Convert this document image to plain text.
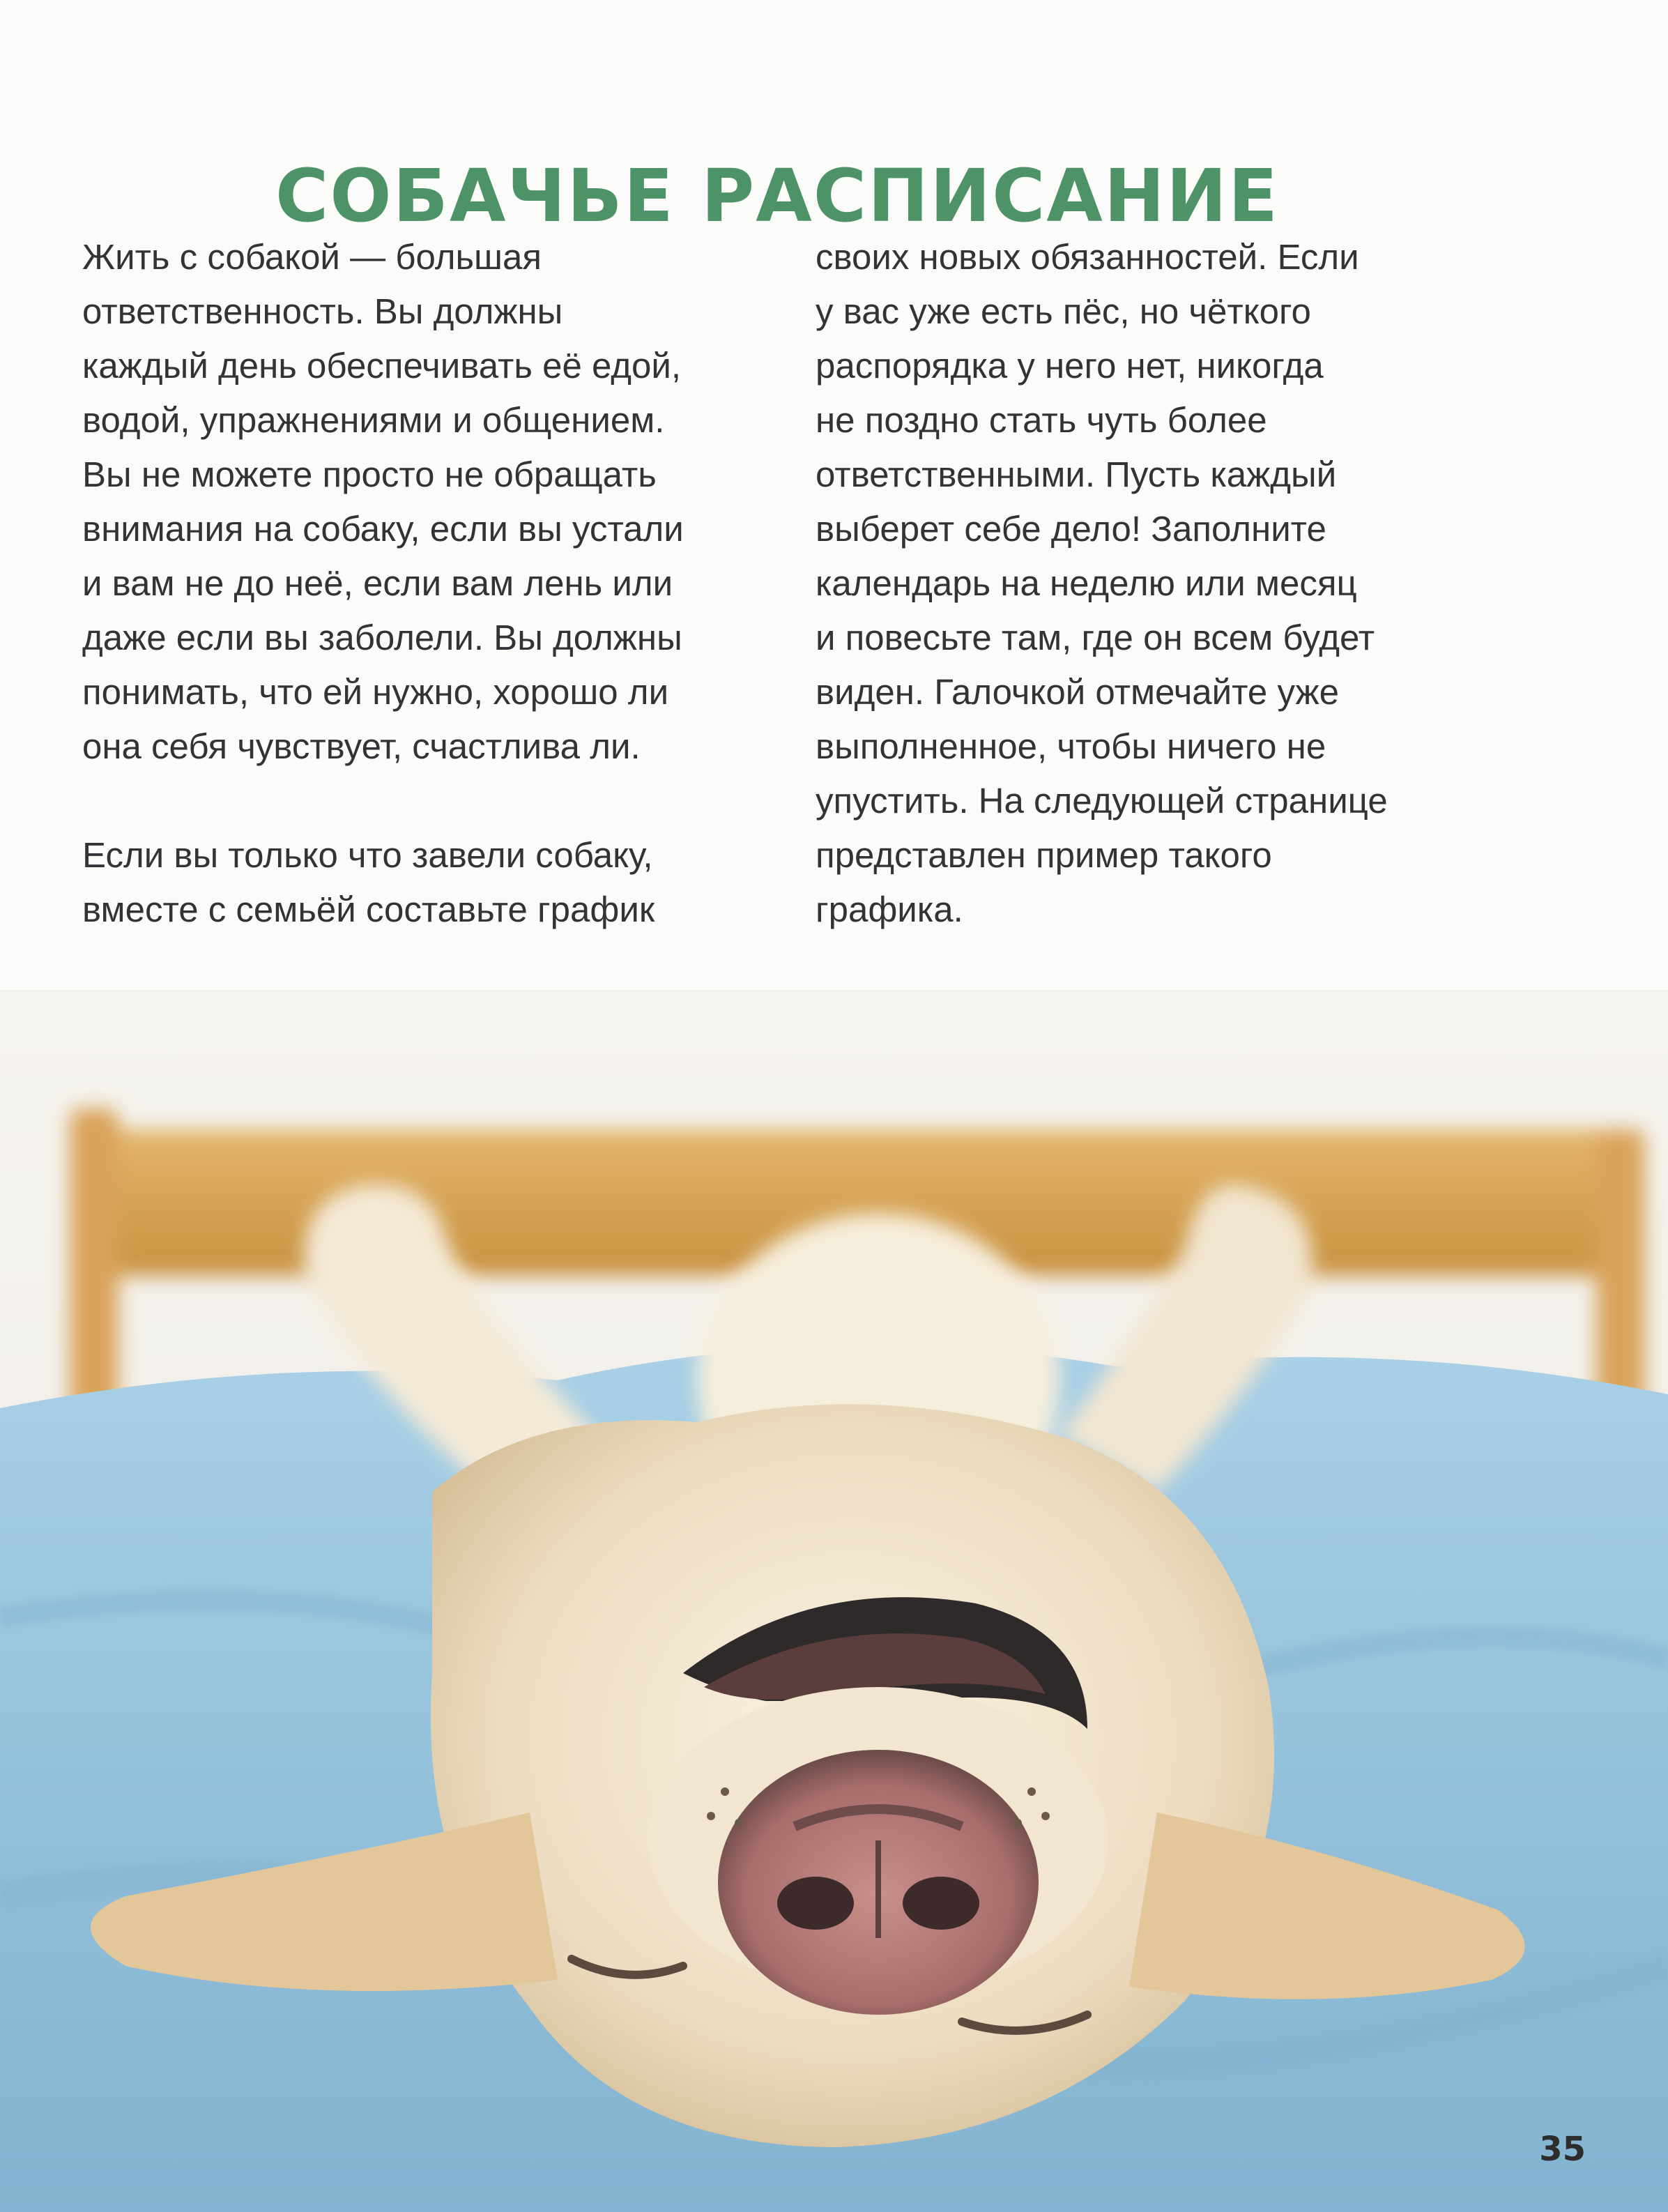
СОБАЧЬЕ РАСПИСАНИЕ
Жить с собакой — большая
ответственность. Вы должны
каждый день обеспечивать её едой,
водой, упражнениями и общением.
Вы не можете просто не обращать
внимания на собаку, если вы устали
и вам не до неё, если вам лень или
даже если вы заболели. Вы должны
понимать, что ей нужно, хорошо ли
она себя чувствует, счастлива ли.
Если вы только что завели собаку,
вместе с семьёй составьте график
своих новых обязанностей. Если
у вас уже есть пёс, но чёткого
распорядка у него нет, никогда
не поздно стать чуть более
ответственными. Пусть каждый
выберет себе дело! Заполните
календарь на неделю или месяц
и повесьте там, где он всем будет
виден. Галочкой отмечайте уже
выполненное, чтобы ничего не
упустить. На следующей странице
представлен пример такого
графика.
35
